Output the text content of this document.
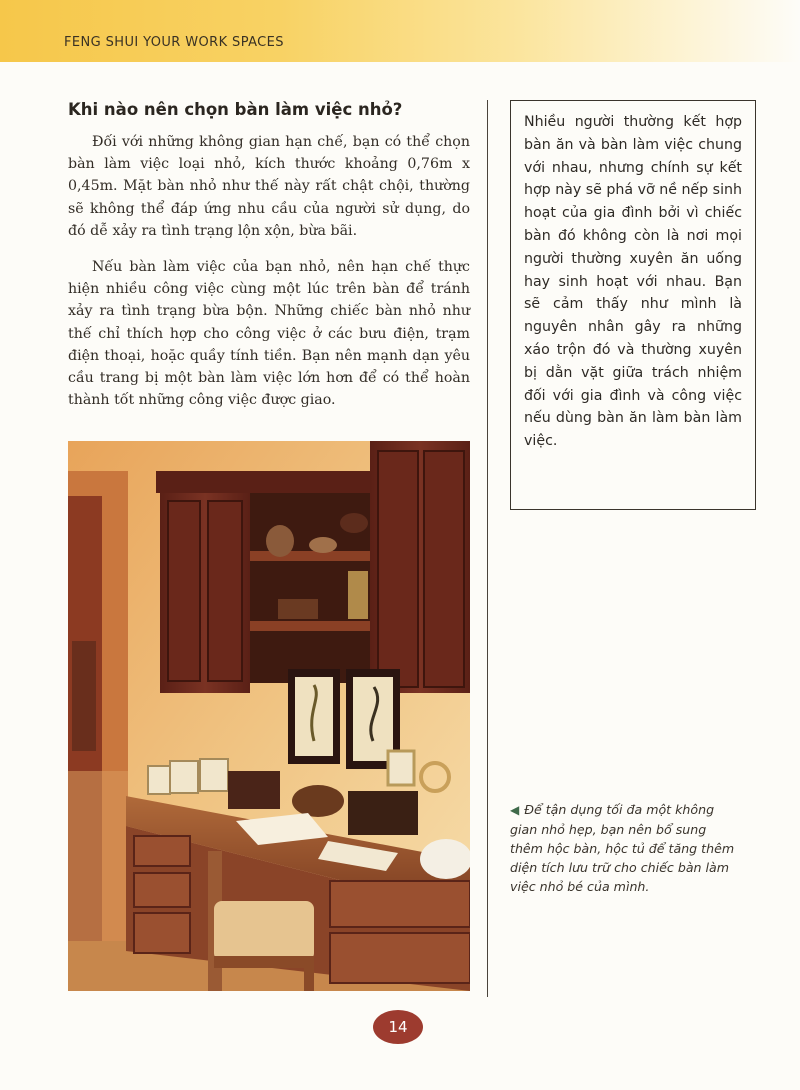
FENG SHUI YOUR WORK SPACES
Khi nào nên chọn bàn làm việc nhỏ?

Đối với những không gian hạn chế, bạn có thể chọn bàn làm việc loại nhỏ, kích thước khoảng 0,76m x 0,45m. Mặt bàn nhỏ như thế này rất chật chội, thường sẽ không thể đáp ứng nhu cầu của người sử dụng, do đó dễ xảy ra tình trạng lộn xộn, bừa bãi.

Nếu bàn làm việc của bạn nhỏ, nên hạn chế thực hiện nhiều công việc cùng một lúc trên bàn để tránh xảy ra tình trạng bừa bộn. Những chiếc bàn nhỏ như thế chỉ thích hợp cho công việc ở các bưu điện, trạm điện thoại, hoặc quầy tính tiền. Bạn nên mạnh dạn yêu cầu trang bị một bàn làm việc lớn hơn để có thể hoàn thành tốt những công việc được giao.

Nhiều người thường kết hợp bàn ăn và bàn làm việc chung với nhau, nhưng chính sự kết hợp này sẽ phá vỡ nề nếp sinh hoạt của gia đình bởi vì chiếc bàn đó không còn là nơi mọi người thường xuyên ăn uống hay sinh hoạt với nhau. Bạn sẽ cảm thấy như mình là nguyên nhân gây ra những xáo trộn đó và thường xuyên bị dằn vặt giữa trách nhiệm đối với gia đình và công việc nếu dùng bàn ăn làm bàn làm việc.

◀ Để tận dụng tối đa một không gian nhỏ hẹp, bạn nên bổ sung thêm hộc bàn, hộc tủ để tăng thêm diện tích lưu trữ cho chiếc bàn làm việc nhỏ bé của mình.
14
